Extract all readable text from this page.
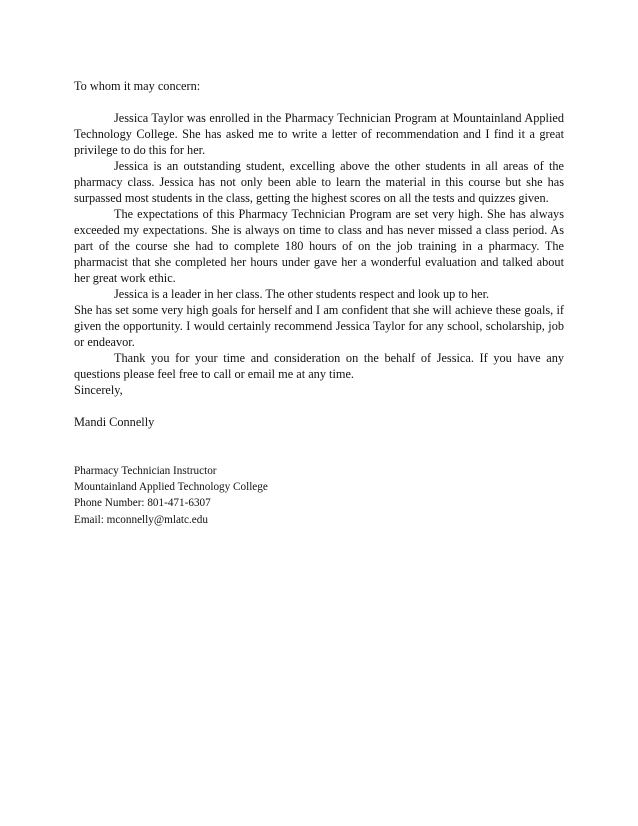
To whom it may concern:

Jessica Taylor was enrolled in the Pharmacy Technician Program at Mountainland Applied Technology College. She has asked me to write a letter of recommendation and I find it a great privilege to do this for her.

Jessica is an outstanding student, excelling above the other students in all areas of the pharmacy class. Jessica has not only been able to learn the material in this course but she has surpassed most students in the class, getting the highest scores on all the tests and quizzes given.

The expectations of this Pharmacy Technician Program are set very high. She has always exceeded my expectations. She is always on time to class and has never missed a class period. As part of the course she had to complete 180 hours of on the job training in a pharmacy. The pharmacist that she completed her hours under gave her a wonderful evaluation and talked about her great work ethic.

Jessica is a leader in her class. The other students respect and look up to her.

She has set some very high goals for herself and I am confident that she will achieve these goals, if given the opportunity. I would certainly recommend Jessica Taylor for any school, scholarship, job or endeavor.

Thank you for your time and consideration on the behalf of Jessica. If you have any questions please feel free to call or email me at any time.

Sincerely,

Mandi Connelly

Pharmacy Technician Instructor
Mountainland Applied Technology College
Phone Number: 801-471-6307
Email: mconnelly@mlatc.edu
